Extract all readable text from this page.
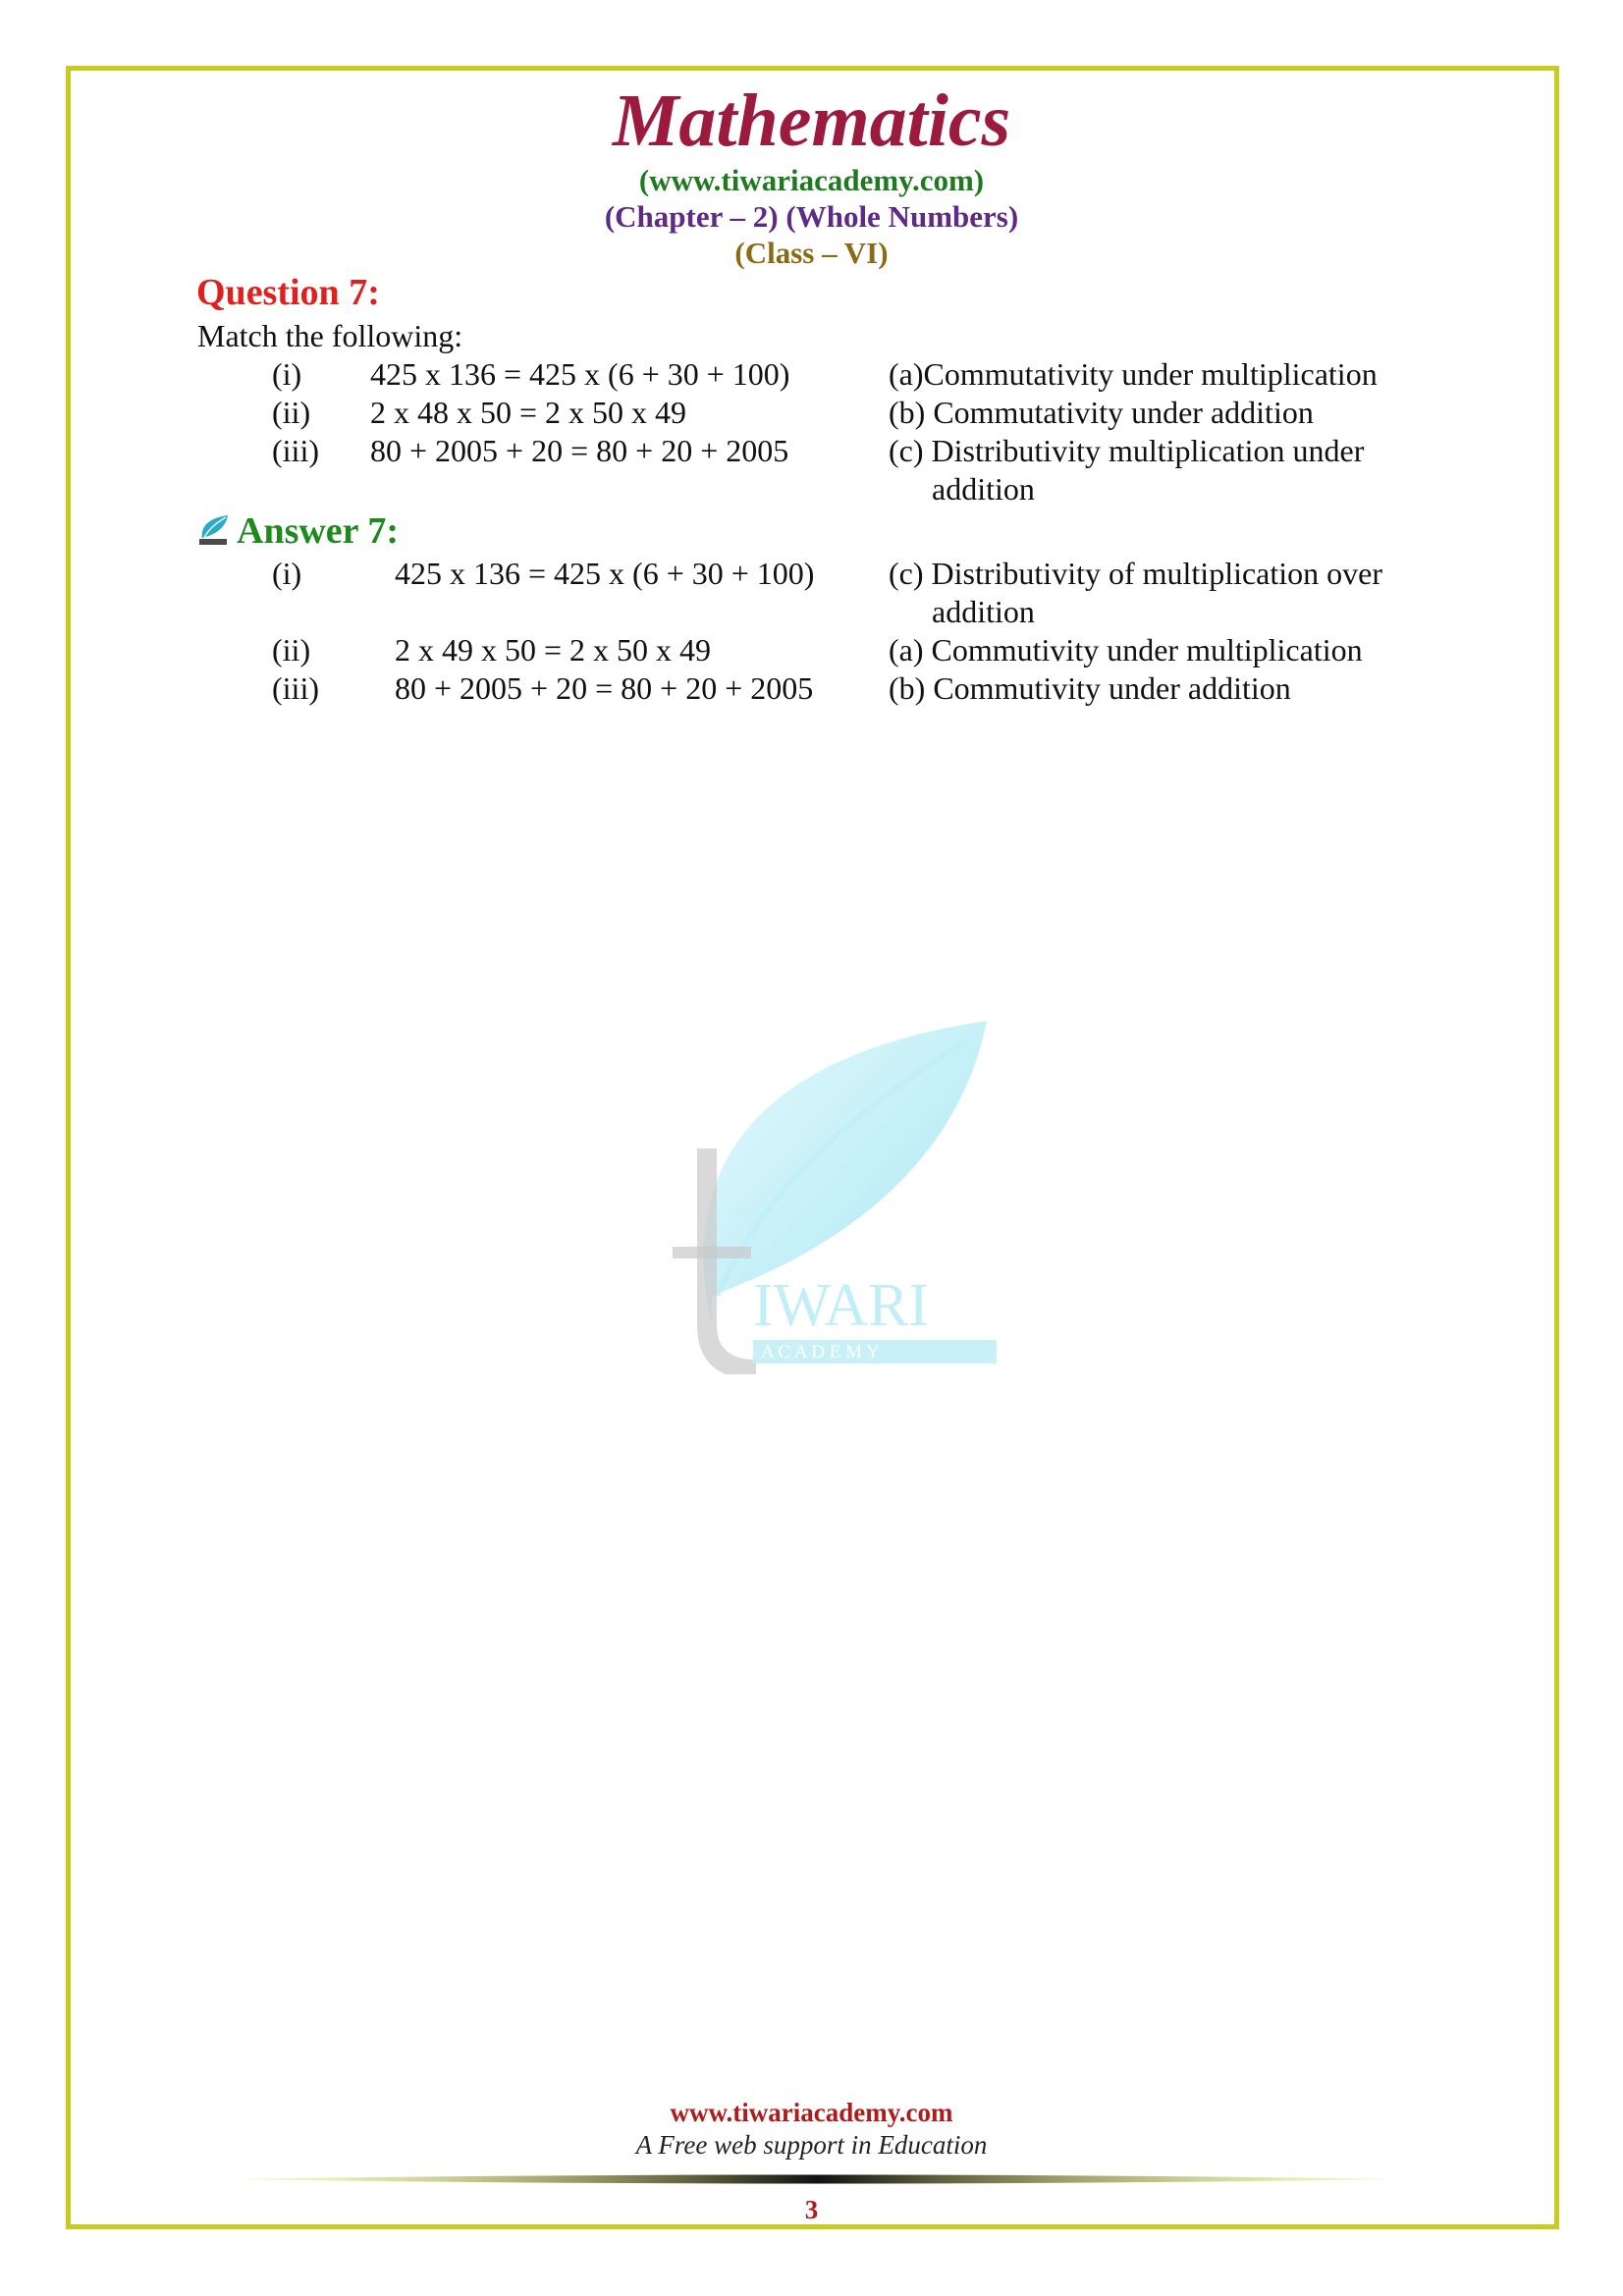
IWARI
A C A D E M Y
Mathematics
(www.tiwariacademy.com)
(Chapter – 2) (Whole Numbers)
(Class – VI)
Question 7:
Match the following:
(i) 425 x 136 = 425 x (6 + 30 + 100)	(a)Commutativity under multiplication
(ii) 2 x 48 x 50 = 2 x 50 x 49	(b) Commutativity under addition
(iii) 80 + 2005 + 20 = 80 + 20 + 2005	(c) Distributivity multiplication under
addition
Answer 7:
(i)	425 x 136 = 425 x (6 + 30 + 100) (c) Distributivity of multiplication over
addition
(ii)	2 x 49 x 50 = 2 x 50 x 49	(a) Commutivity under multiplication
(iii) 80 + 2005 + 20 = 80 + 20 + 2005 (b) Commutivity under addition
www.tiwariacademy.com
A Free web support in Education
3
